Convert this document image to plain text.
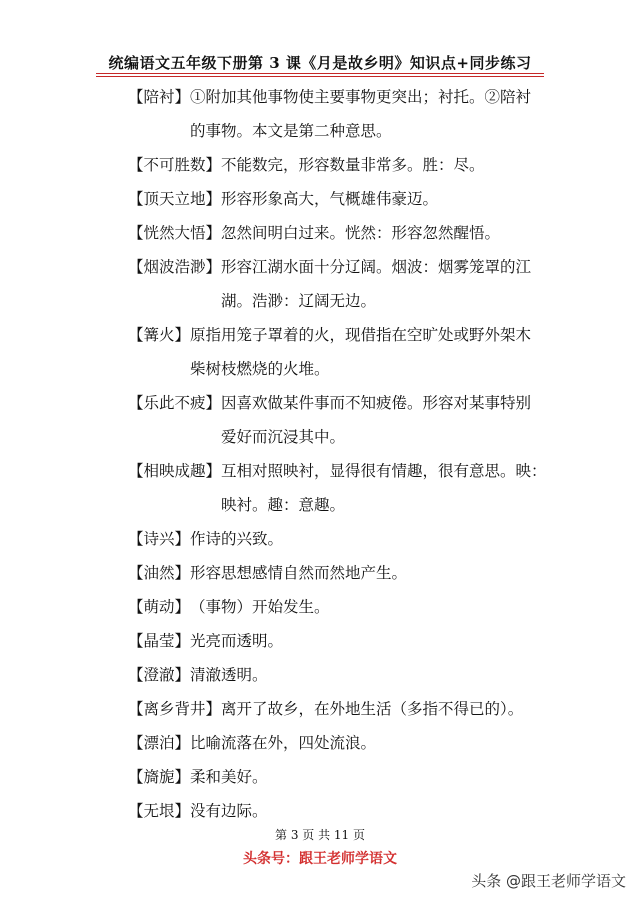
统编语文五年级下册第 3 课《月是故乡明》知识点+同步练习
【陪衬】 ①附加其他事物使主要事物更突出；衬托。②陪衬
的事物。本文是第二种意思。
【不可胜数】 不能数完，形容数量非常多。胜：尽。
【顶天立地】 形容形象高大，气概雄伟豪迈。
【恍然大悟】 忽然间明白过来。恍然：形容忽然醒悟。
【烟波浩渺】 形容江湖水面十分辽阔。烟波：烟雾笼罩的江
湖。浩渺：辽阔无边。
【篝火】 原指用笼子罩着的火，现借指在空旷处或野外架木
柴树枝燃烧的火堆。
【乐此不疲】 因喜欢做某件事而不知疲倦。形容对某事特别
爱好而沉浸其中。
【相映成趣】 互相对照映衬，显得很有情趣，很有意思。映：
映衬。趣：意趣。
【诗兴】 作诗的兴致。
【油然】 形容思想感情自然而然地产生。
【萌动】 （事物）开始发生。
【晶莹】 光亮而透明。
【澄澈】 清澈透明。
【离乡背井】 离开了故乡，在外地生活（多指不得已的）。
【漂泊】 比喻流落在外，四处流浪。
【旖旎】 柔和美好。
【无垠】 没有边际。
第 3 页 共 11 页
头条号：跟王老师学语文
头条 @跟王老师学语文
